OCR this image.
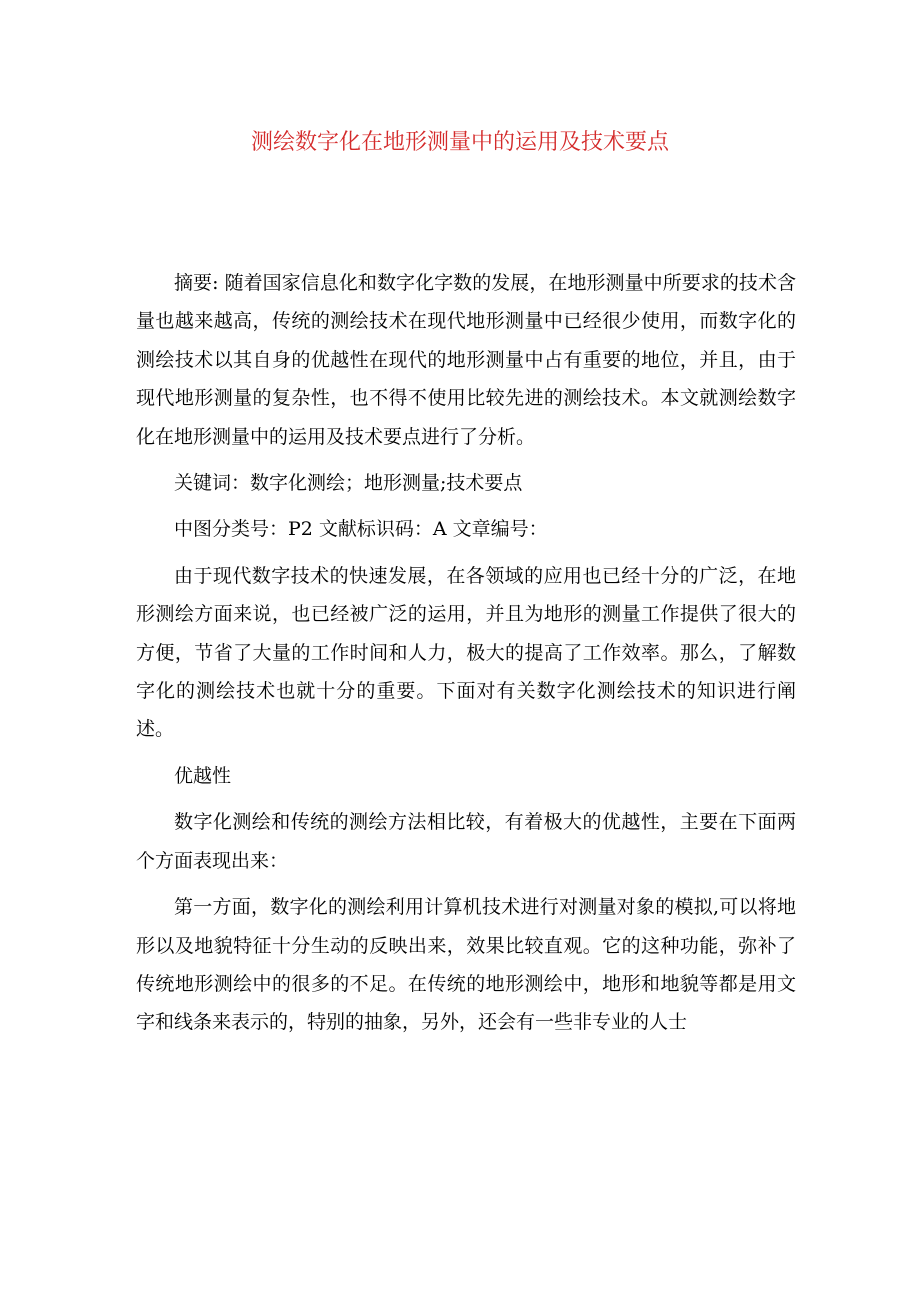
测绘数字化在地形测量中的运用及技术要点

摘要: 随着国家信息化和数字化字数的发展，在地形测量中所要求的技术含量也越来越高，传统的测绘技术在现代地形测量中已经很少使用，而数字化的测绘技术以其自身的优越性在现代的地形测量中占有重要的地位，并且，由于现代地形测量的复杂性，也不得不使用比较先进的测绘技术。本文就测绘数字化在地形测量中的运用及技术要点进行了分析。

关键词：数字化测绘；地形测量;技术要点

中图分类号：P2 文献标识码：A 文章编号：

由于现代数字技术的快速发展，在各领域的应用也已经十分的广泛，在地形测绘方面来说，也已经被广泛的运用，并且为地形的测量工作提供了很大的方便，节省了大量的工作时间和人力，极大的提高了工作效率。那么，了解数字化的测绘技术也就十分的重要。下面对有关数字化测绘技术的知识进行阐述。

优越性

数字化测绘和传统的测绘方法相比较，有着极大的优越性，主要在下面两个方面表现出来：

第一方面，数字化的测绘利用计算机技术进行对测量对象的模拟,可以将地形以及地貌特征十分生动的反映出来，效果比较直观。它的这种功能，弥补了传统地形测绘中的很多的不足。在传统的地形测绘中，地形和地貌等都是用文字和线条来表示的，特别的抽象，另外，还会有一些非专业的人士
